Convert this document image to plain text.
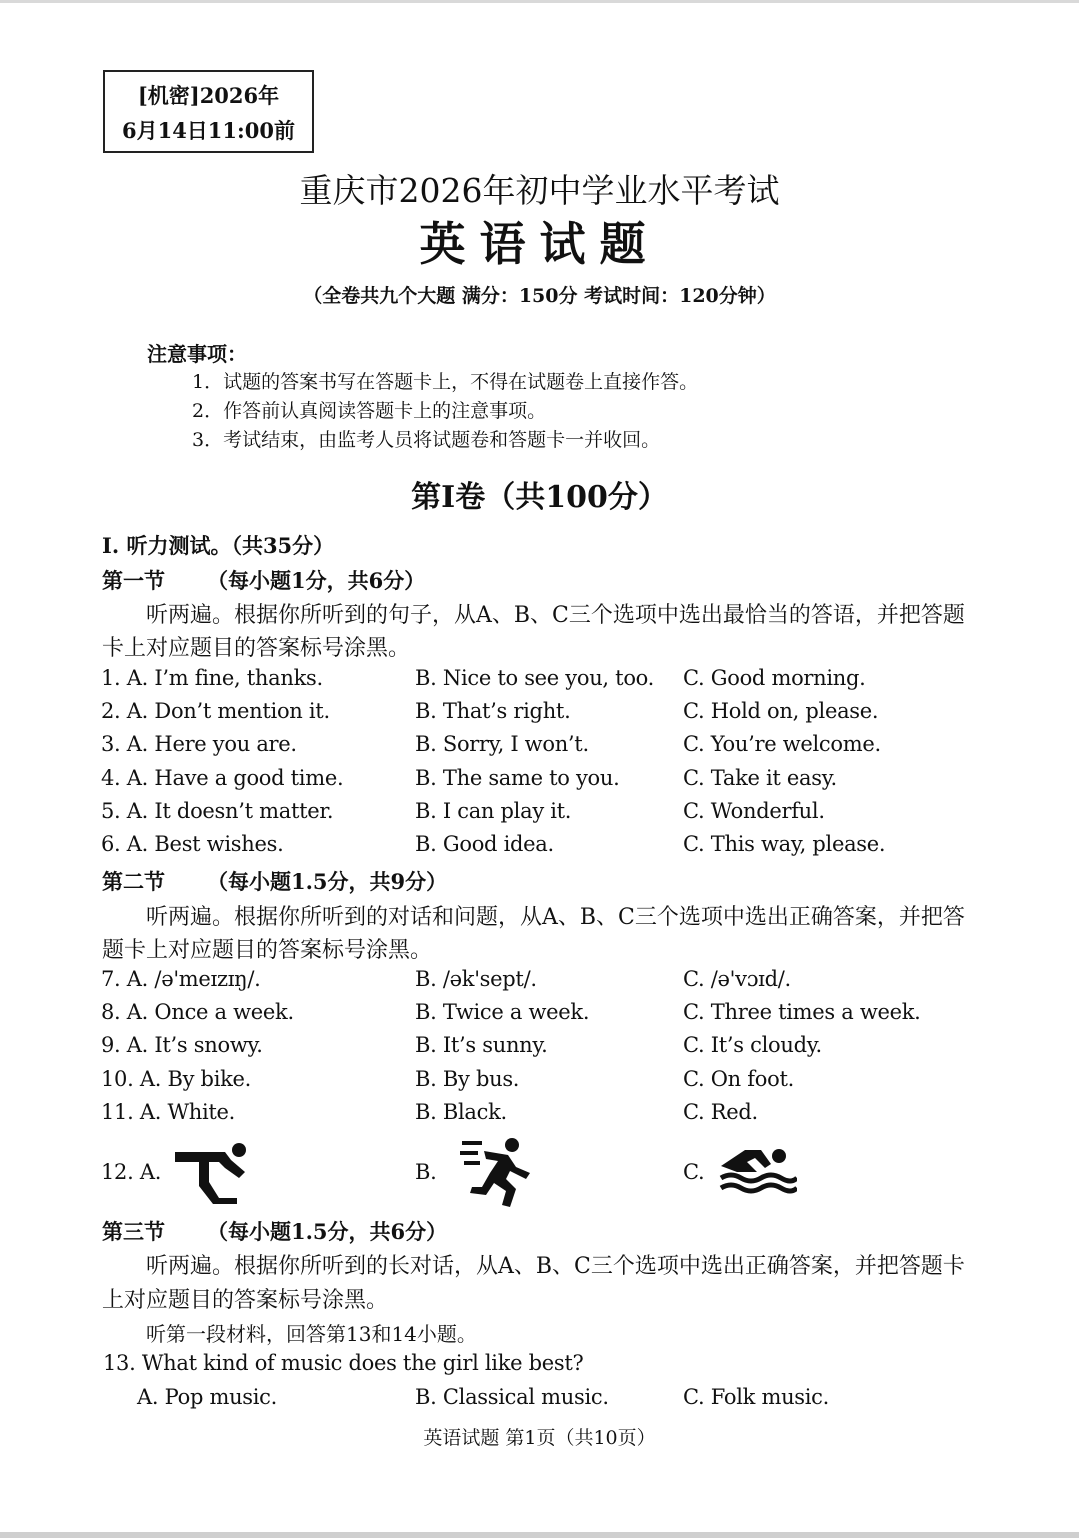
[机密]2026年
6月14日11:00前
重庆市2026年初中学业水平考试
英语试题
（全卷共九个大题 满分：150分 考试时间：120分钟）
注意事项：
1．试题的答案书写在答题卡上，不得在试题卷上直接作答。
2．作答前认真阅读答题卡上的注意事项。
3．考试结束，由监考人员将试题卷和答题卡一并收回。
第I卷（共100分）
I. 听力测试。（共35分）
第一节 （每小题1分，共6分）
听两遍。根据你所听到的句子，从A、B、C三个选项中选出最恰当的答语，并把答题
卡上对应题目的答案标号涂黑。
1. A. I’m fine, thanks.	B. Nice to see you, too. C. Good morning.
2. A. Don’t mention it.	B. That’s right.	C. Hold on, please.
3. A. Here you are.	B. Sorry, I won’t.	C. You’re welcome.
4. A. Have a good time.	B. The same to you.	C. Take it easy.
5. A. It doesn’t matter.	B. I can play it.	C. Wonderful.
6. A. Best wishes.	B. Good idea.	C. This way, please.
第二节 （每小题1.5分，共9分）
听两遍。根据你所听到的对话和问题，从A、B、C三个选项中选出正确答案，并把答
题卡上对应题目的答案标号涂黑。
7. A. /ə'meɪzɪŋ/.	B. /ək'sept/.	C. /ə'vɔɪd/.
8. A. Once a week.	B. Twice a week.	C. Three times a week.
9. A. It’s snowy.	B. It’s sunny.	C. It’s cloudy.
10. A. By bike.	B. By bus.	C. On foot.
11. A. White.	B. Black.	C. Red.
12. A.	B.	C.
第三节 （每小题1.5分，共6分）
听两遍。根据你所听到的长对话，从A、B、C三个选项中选出正确答案，并把答题卡
上对应题目的答案标号涂黑。
听第一段材料，回答第13和14小题。
13. What kind of music does the girl like best?
A. Pop music.	B. Classical music.	C. Folk music.
英语试题 第1页（共10页）
